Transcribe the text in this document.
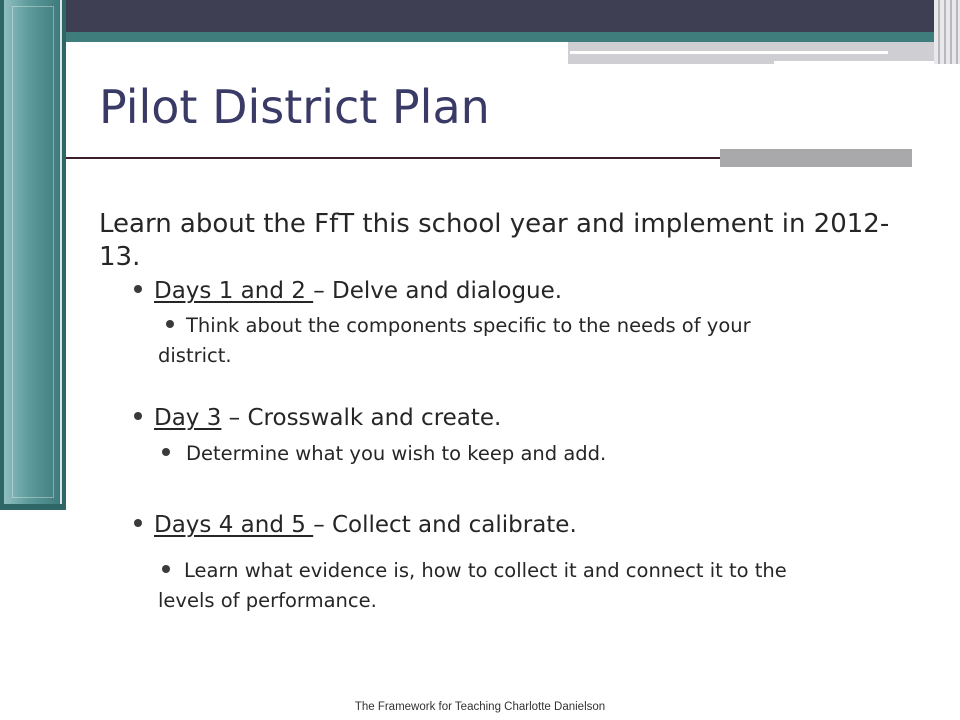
Pilot District Plan
Learn about the FfT this school year and implement in 2012-13.
Days 1 and 2 – Delve and dialogue.
Think about the components specific to the needs of your district.
Day 3 – Crosswalk and create.
Determine what you wish to keep and add.
Days 4 and 5 – Collect and calibrate.
Learn what evidence is, how to collect it and connect it to the levels of performance.
The Framework for Teaching Charlotte Danielson
